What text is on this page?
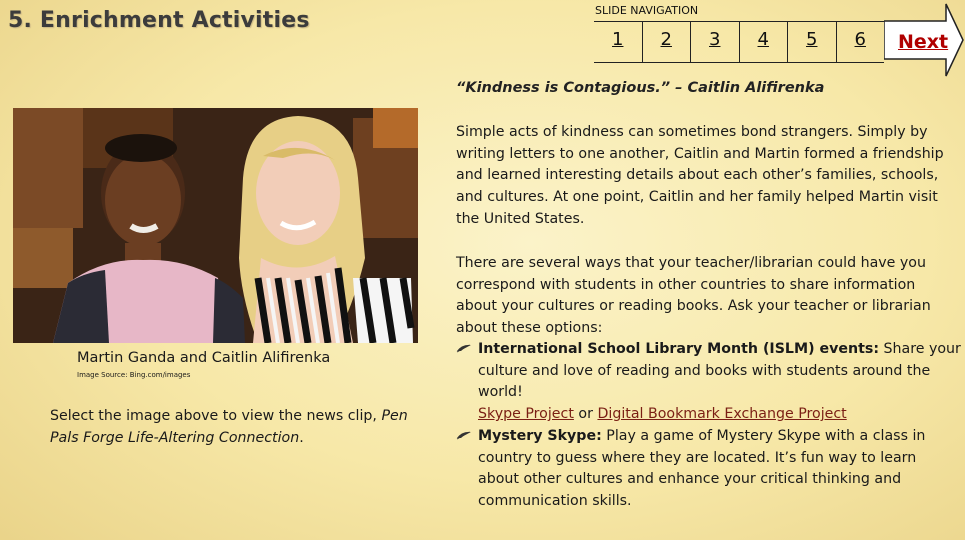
5. Enrichment Activities	SLIDE NAVIGATION
1	2	3	4	5	6	Next

“Kindness is Contagious.” – Caitlin Alifirenka

Martin Ganda and Caitlin Alifirenka

Image Source: Bing.com/images

Select the image above to view the news clip, Pen Pals Forge Life-Altering Connection.

Simple acts of kindness can sometimes bond strangers. Simply by writing letters to one another, Caitlin and Martin formed a friendship and learned interesting details about each other’s families, schools, and cultures. At one point, Caitlin and her family helped Martin visit the United States.

There are several ways that your teacher/librarian could have you correspond with students in other countries to share information about your cultures or reading books. Ask your teacher or librarian about these options:

International School Library Month (ISLM) events: Share your culture and love of reading and books with students around the world!
Skype Project or Digital Bookmark Exchange Project
Mystery Skype: Play a game of Mystery Skype with a class in country to guess where they are located. It’s fun way to learn about other cultures and enhance your critical thinking and communication skills.
